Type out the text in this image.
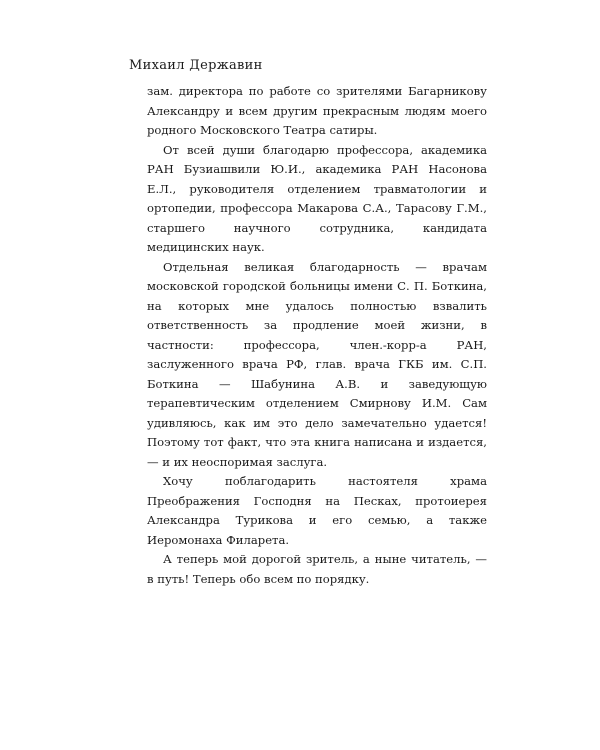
Михаил Державин

зам. директора по работе со зрителями Багарникову Александру и всем другим прекрасным людям моего родного Московского Театра сатиры.

От всей души благодарю профессора, академика РАН Бузиашвили Ю.И., академика РАН Насонова Е.Л., руководителя отделением травматологии и ортопедии, профессора Макарова С.А., Тарасову Г.М., старшего научного сотрудника, кандидата медицинских наук.

Отдельная великая благодарность — врачам московской городской больницы имени С. П. Боткина, на которых мне удалось полностью взвалить ответственность за продление моей жизни, в частности: профессора, член.-корр-а РАН, заслуженного врача РФ, глав. врача ГКБ им. С.П. Боткина — Шабунина А.В. и заведующую терапевтическим отделением Смирнову И.М. Сам удивляюсь, как им это дело замечательно удается! Поэтому тот факт, что эта книга написана и издается, — и их неоспоримая заслуга.

Хочу поблагодарить настоятеля храма Преображения Господня на Песках, протоиерея Александра Турикова и его семью, а также Иеромонаха Филарета.

А теперь мой дорогой зритель, а ныне читатель, — в путь! Теперь обо всем по порядку.
